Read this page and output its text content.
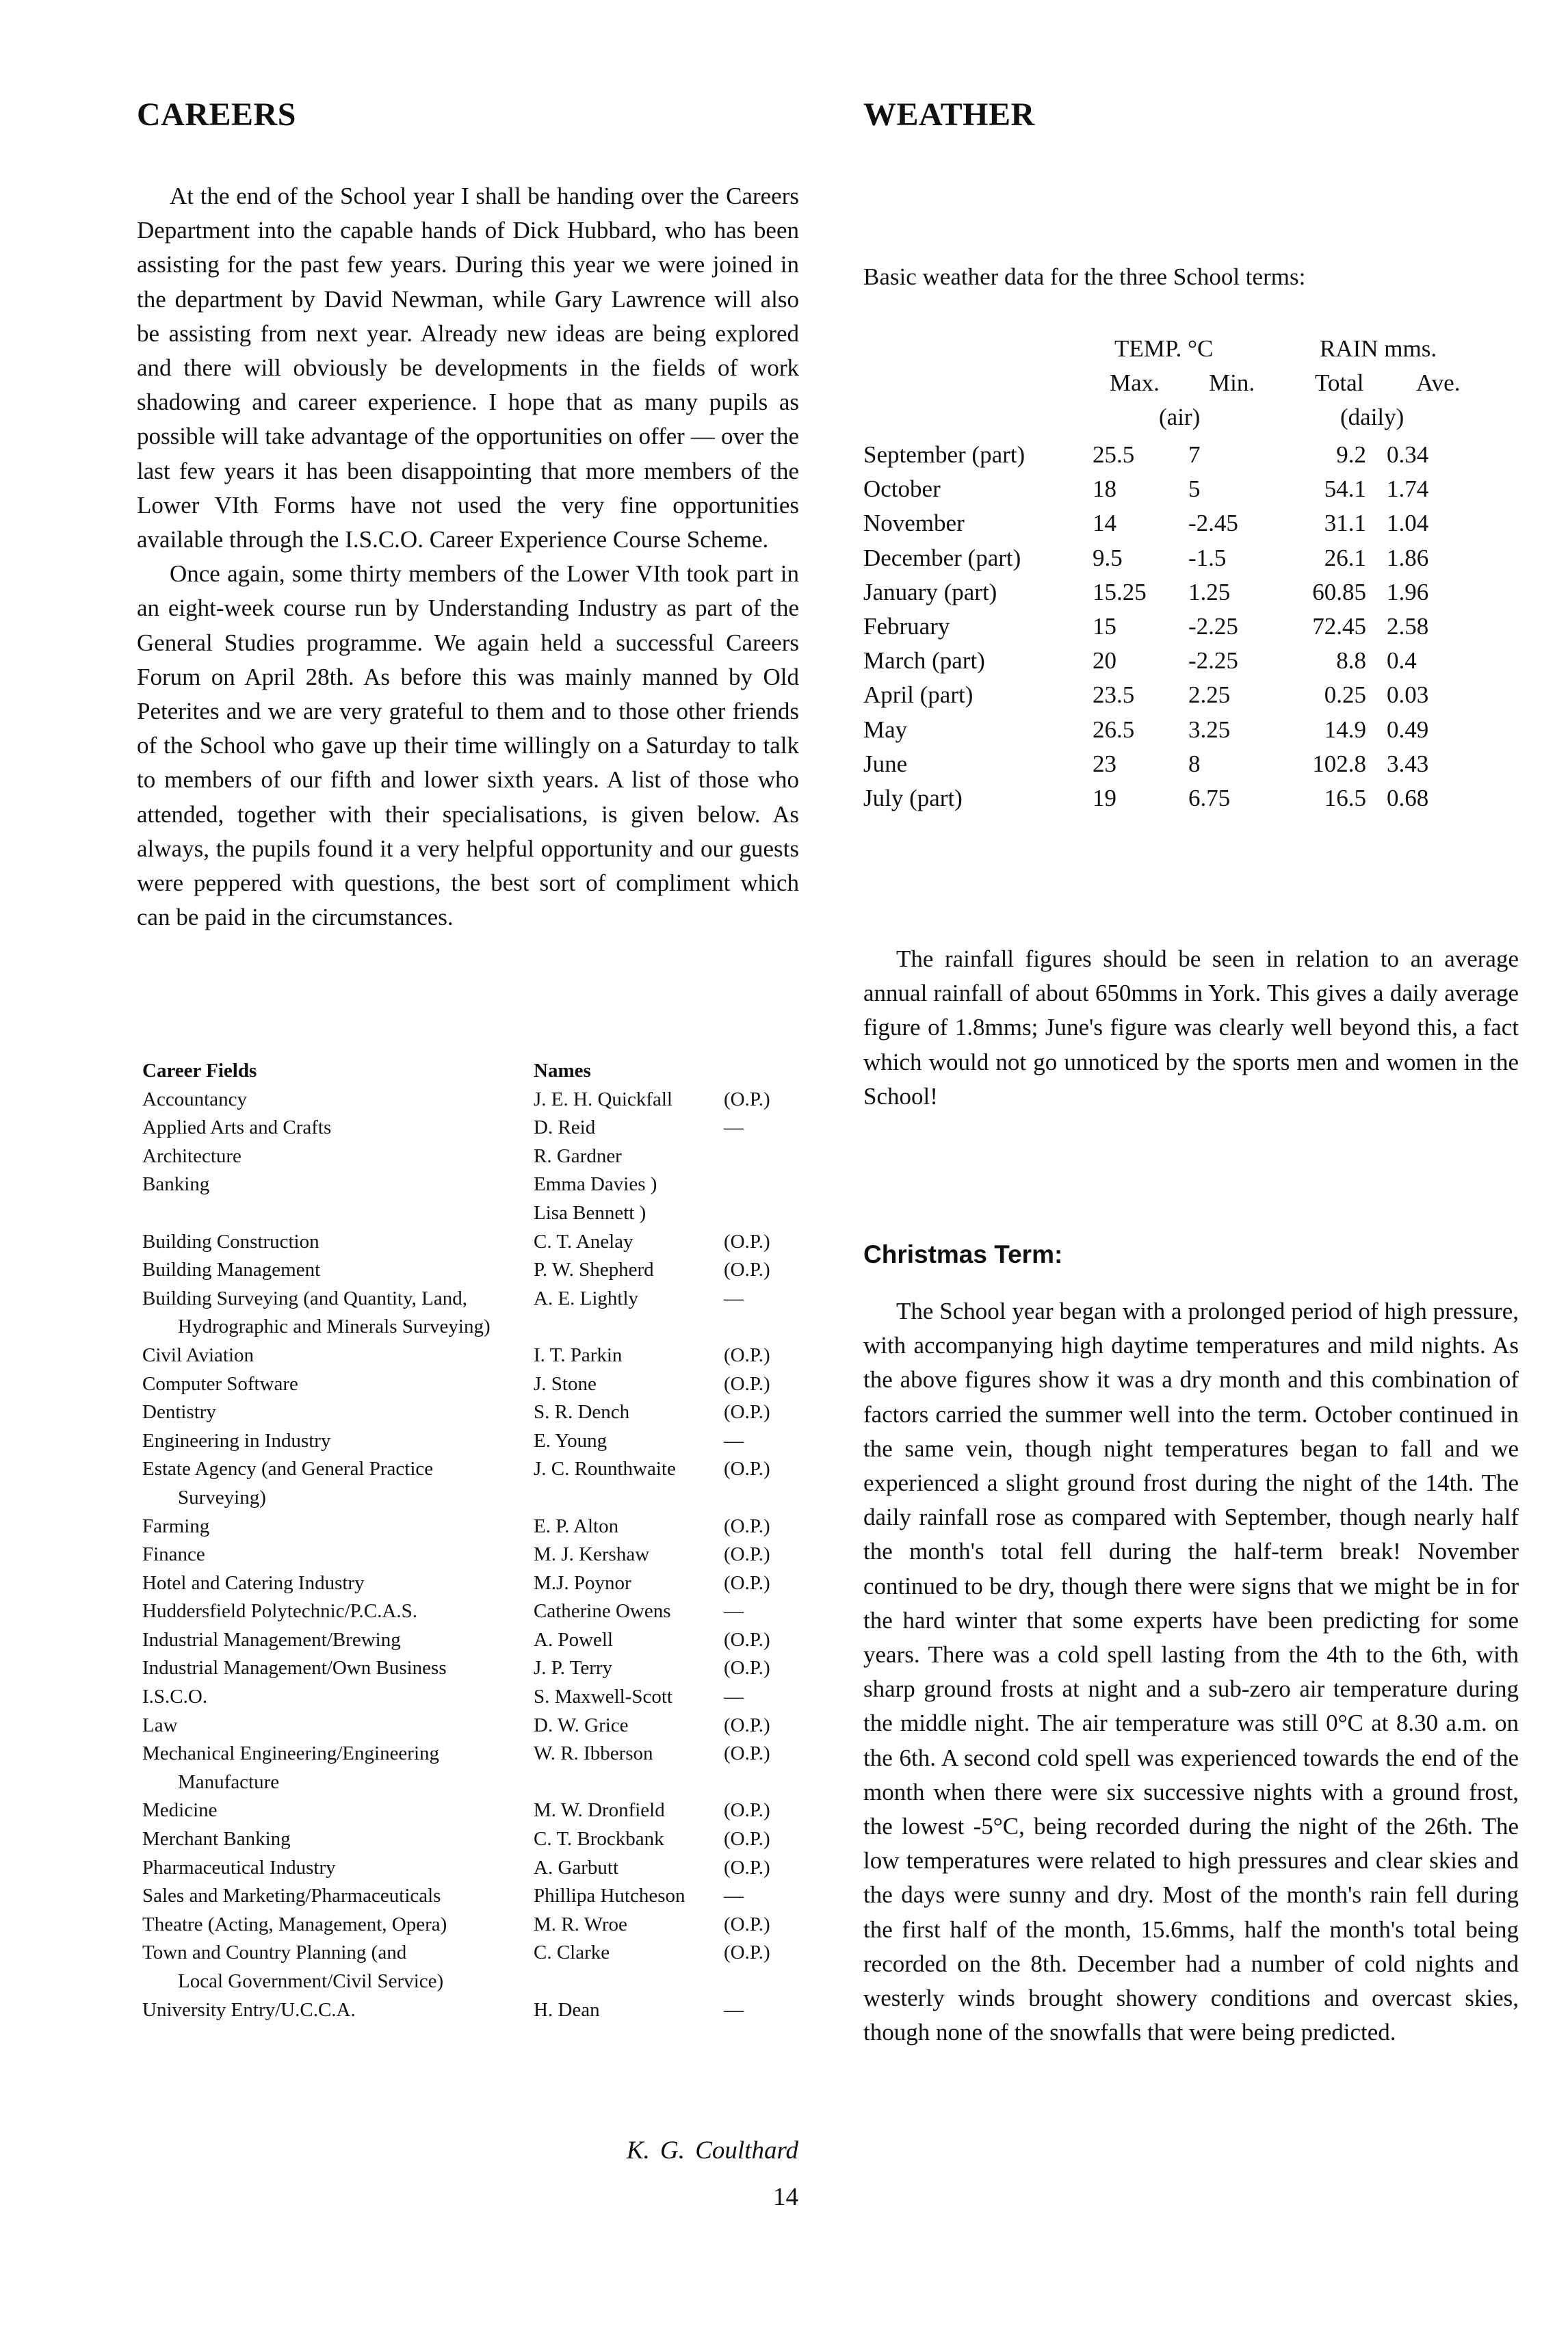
CAREERS

At the end of the School year I shall be handing over the Careers Department into the capable hands of Dick Hubbard, who has been assisting for the past few years. During this year we were joined in the department by David Newman, while Gary Lawrence will also be assisting from next year. Already new ideas are being explored and there will obviously be developments in the fields of work shadowing and career experience. I hope that as many pupils as possible will take advantage of the opportunities on offer — over the last few years it has been disappointing that more members of the Lower VIth Forms have not used the very fine opportunities available through the I.S.C.O. Career Experience Course Scheme.

Once again, some thirty members of the Lower VIth took part in an eight-week course run by Understanding Industry as part of the General Studies programme. We again held a successful Careers Forum on April 28th. As before this was mainly manned by Old Peterites and we are very grateful to them and to those other friends of the School who gave up their time willingly on a Saturday to talk to members of our fifth and lower sixth years. A list of those who attended, together with their specialisations, is given below. As always, the pupils found it a very helpful opportunity and our guests were peppered with questions, the best sort of compliment which can be paid in the circumstances.

Career Fields	Names	
Accountancy	J. E. H. Quickfall	(O.P.)
Applied Arts and Crafts	D. Reid	—
Architecture	R. Gardner	
Banking	Emma Davies )	
	Lisa Bennett )	
Building Construction	C. T. Anelay	(O.P.)
Building Management	P. W. Shepherd	(O.P.)
Building Surveying (and Quantity, Land,
Hydrographic and Minerals Surveying)	A. E. Lightly	—
Civil Aviation	I. T. Parkin	(O.P.)
Computer Software	J. Stone	(O.P.)
Dentistry	S. R. Dench	(O.P.)
Engineering in Industry	E. Young	—
Estate Agency (and General Practice
Surveying)	J. C. Rounthwaite	(O.P.)
Farming	E. P. Alton	(O.P.)
Finance	M. J. Kershaw	(O.P.)
Hotel and Catering Industry	M.J. Poynor	(O.P.)
Huddersfield Polytechnic/P.C.A.S.	Catherine Owens	—
Industrial Management/Brewing	A. Powell	(O.P.)
Industrial Management/Own Business	J. P. Terry	(O.P.)
I.S.C.O.	S. Maxwell-Scott	—
Law	D. W. Grice	(O.P.)
Mechanical Engineering/Engineering
Manufacture	W. R. Ibberson	(O.P.)
Medicine	M. W. Dronfield	(O.P.)
Merchant Banking	C. T. Brockbank	(O.P.)
Pharmaceutical Industry	A. Garbutt	(O.P.)
Sales and Marketing/Pharmaceuticals	Phillipa Hutcheson	—
Theatre (Acting, Management, Opera)	M. R. Wroe	(O.P.)
Town and Country Planning (and
Local Government/Civil Service)	C. Clarke	(O.P.)
University Entry/U.C.C.A.	H. Dean	—
K. G. Coulthard
WEATHER
Basic weather data for the three School terms:
TEMP. °C	RAIN mms.
Max. Min.	Total Ave.
(air)	(daily)
September (part)	25.5	7	9.2	0.34
October	18	5	54.1	1.74
November	14	-2.45	31.1	1.04
December (part)	9.5	-1.5	26.1	1.86
January (part)	15.25	1.25	60.85	1.96
February	15	-2.25	72.45	2.58
March (part)	20	-2.25	8.8	0.4
April (part)	23.5	2.25	0.25	0.03
May	26.5	3.25	14.9	0.49
June	23	8	102.8	3.43
July (part)	19	6.75	16.5	0.68

The rainfall figures should be seen in relation to an average annual rainfall of about 650mms in York. This gives a daily average figure of 1.8mms; June's figure was clearly well beyond this, a fact which would not go unnoticed by the sports men and women in the School!

Christmas Term:

The School year began with a prolonged period of high pressure, with accompanying high daytime temperatures and mild nights. As the above figures show it was a dry month and this combination of factors carried the summer well into the term. October continued in the same vein, though night temperatures began to fall and we experienced a slight ground frost during the night of the 14th. The daily rainfall rose as compared with September, though nearly half the month's total fell during the half-term break! November continued to be dry, though there were signs that we might be in for the hard winter that some experts have been predicting for some years. There was a cold spell lasting from the 4th to the 6th, with sharp ground frosts at night and a sub-zero air temperature during the middle night. The air temperature was still 0°C at 8.30 a.m. on the 6th. A second cold spell was experienced towards the end of the month when there were six successive nights with a ground frost, the lowest -5°C, being recorded during the night of the 26th. The low temperatures were related to high pressures and clear skies and the days were sunny and dry. Most of the month's rain fell during the first half of the month, 15.6mms, half the month's total being recorded on the 8th. December had a number of cold nights and westerly winds brought showery conditions and overcast skies, though none of the snowfalls that were being predicted.

14
